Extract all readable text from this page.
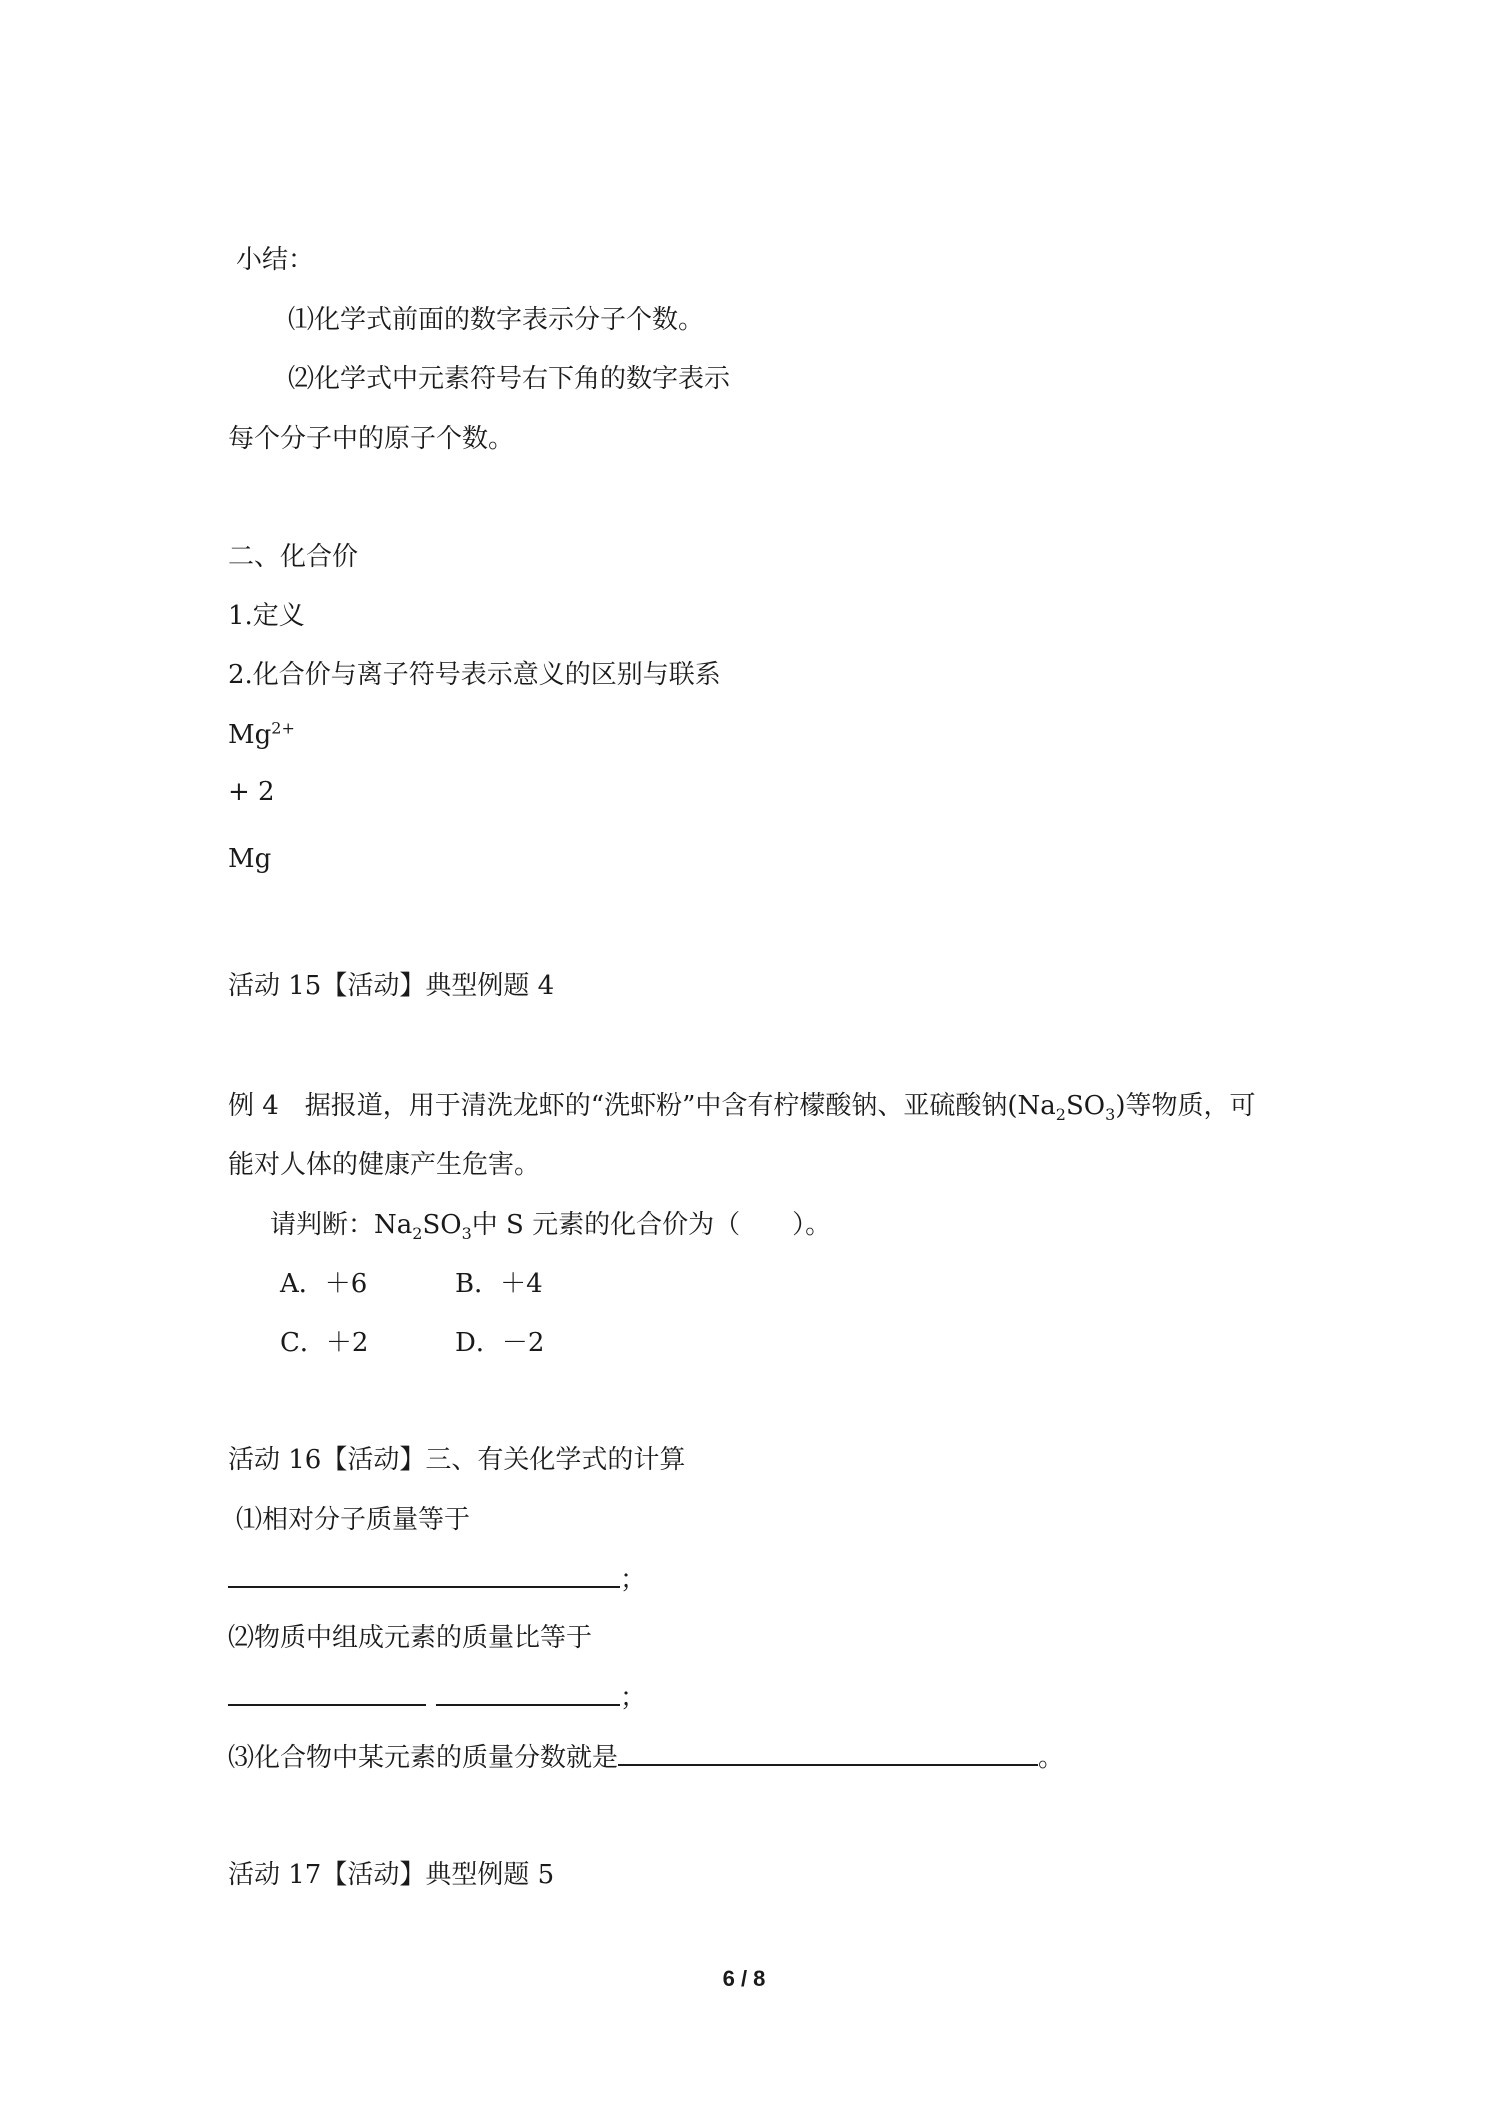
小结：
⑴化学式前面的数字表示分子个数。
⑵化学式中元素符号右下角的数字表示
每个分子中的原子个数。
二、化合价
1.定义
2.化合价与离子符号表示意义的区别与联系
$Mg^{2+}$
+ 2
Mg
活动 15【活动】典型例题 4
例 4　据报道，用于清洗龙虾的“洗虾粉”中含有柠檬酸钠、亚硫酸钠$(Na_2SO_3)$等物质，可
能对人体的健康产生危害。
请判断：$Na_2SO_3$中 S 元素的化合价为（　　）。
A．＋6	B．＋4
C．＋2	D．－2
活动 16【活动】三、有关化学式的计算
⑴相对分子质量等于
；
⑵物质中组成元素的质量比等于
；
⑶化合物中某元素的质量分数就是	。
活动 17【活动】典型例题 5
6 / 8
